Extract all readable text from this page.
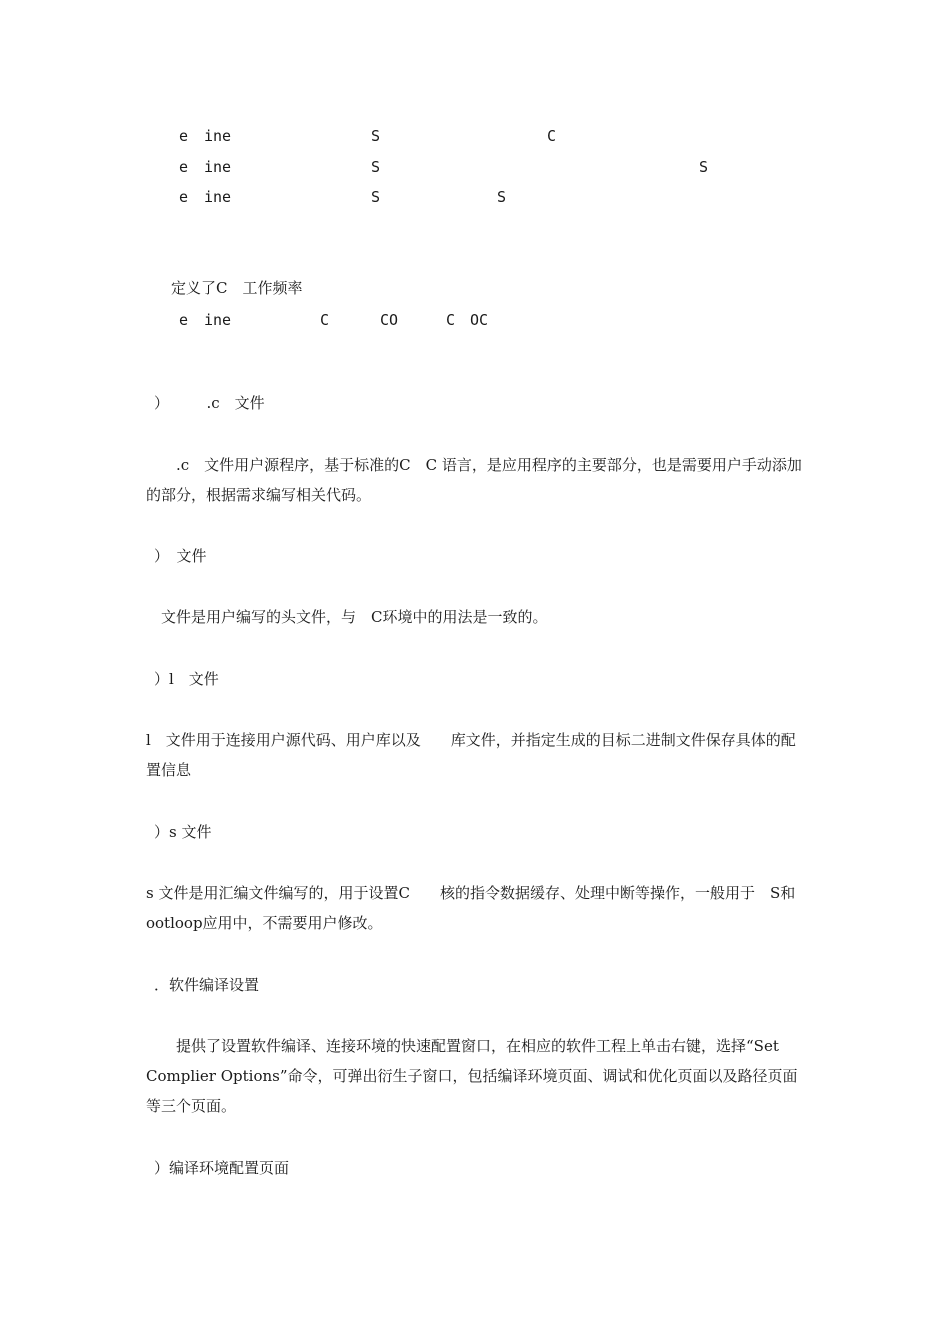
e ine	S	C
e ine	S	S
e ine	S	S
定义了C　工作频率
e ine	C	CO	C　OC
）　　　.c　文件
　　.c　文件用户源程序，基于标准的C　C 语言，是应用程序的主要部分，也是需要用户手动添加的部分，根据需求编写相关代码。
）　文件
　文件是用户编写的头文件，与　C环境中的用法是一致的。
）l　文件
l　文件用于连接用户源代码、用户库以及　　库文件，并指定生成的目标二进制文件保存具体的配置信息
）s 文件
s 文件是用汇编文件编写的，用于设置C　　核的指令数据缓存、处理中断等操作，一般用于　S和　　ootloop应用中，不需要用户修改。
．软件编译设置
　　提供了设置软件编译、连接环境的快速配置窗口，在相应的软件工程上单击右键，选择“Set Complier Options”命令，可弹出衍生子窗口，包括编译环境页面、调试和优化页面以及路径页面等三个页面。
）编译环境配置页面
